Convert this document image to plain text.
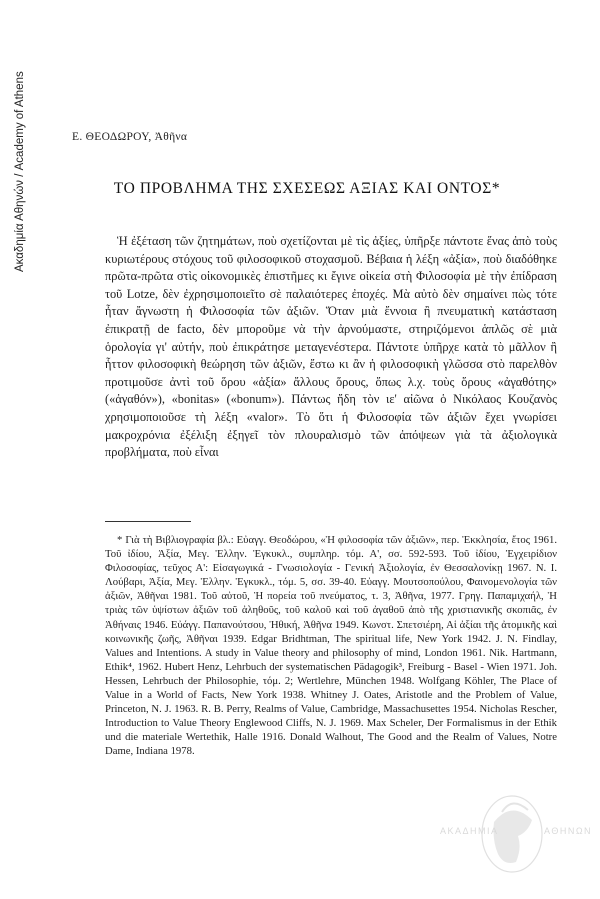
Ακαδημία Αθηνών / Academy of Athens	Ε. ΘΕΟΔΩΡΟΥ, Ἀθῆνα
ΤΟ ΠΡΟΒΛΗΜΑ ΤΗΣ ΣΧΕΣΕΩΣ ΑΞΙΑΣ ΚΑΙ ΟΝΤΟΣ*
Ἡ ἐξέταση τῶν ζητημάτων, ποὺ σχετίζονται μὲ τὶς ἀξίες, ὑπῆρξε πάντοτε ἕνας ἀπὸ τοὺς κυριωτέρους στόχους τοῦ φιλοσοφικοῦ στοχασμοῦ. Βέβαια ἡ λέξη «ἀξία», ποὺ διαδόθηκε πρῶτα-πρῶτα στὶς οἰκονομικὲς ἐπιστῆμες κι ἔγινε οἰκεία στὴ Φιλοσοφία μὲ τὴν ἐπίδραση τοῦ Lotze, δὲν ἐχρησιμοποιεῖτο σὲ παλαιότερες ἐποχές. Μὰ αὐτὸ δὲν σημαίνει πὼς τότε ἦταν ἄγνωστη ἡ Φιλοσοφία τῶν ἀξιῶν. Ὅταν μιὰ ἔννοια ἢ πνευματικὴ κατάσταση ἐπικρατῇ de facto, δὲν μποροῦμε νὰ τὴν ἀρνούμαστε, στηριζόμενοι ἁπλῶς σὲ μιὰ ὁρολογία γι' αὐτήν, ποὺ ἐπικράτησε μεταγενέστερα. Πάντοτε ὑπῆρχε κατὰ τὸ μᾶλλον ἢ ἧττον φιλοσοφικὴ θεώρηση τῶν ἀξιῶν, ἔστω κι ἂν ἡ φιλοσοφικὴ γλῶσσα στὸ παρελθὸν προτιμοῦσε ἀντὶ τοῦ ὅρου «ἀξία» ἄλλους ὅρους, ὅπως λ.χ. τοὺς ὅρους «ἀγαθότης» («ἀγαθόν»), «bonitas» («bonum»). Πάντως ἤδη τὸν ιε' αἰῶνα ὁ Νικόλαος Κουζανὸς χρησιμοποιοῦσε τὴ λέξη «valor». Τὸ ὅτι ἡ Φιλοσοφία τῶν ἀξιῶν ἔχει γνωρίσει μακροχρόνια ἐξέλιξη ἐξηγεῖ τὸν πλουραλισμὸ τῶν ἀπόψεων γιὰ τὰ ἀξιολογικὰ προβλήματα, ποὺ εἶναι
* Γιὰ τὴ Βιβλιογραφία βλ.: Εὐαγγ. Θεοδώρου, «Ἡ φιλοσοφία τῶν ἀξιῶν», περ. Ἐκκλησία, ἔτος 1961. Τοῦ ἰδίου, Ἀξία, Μεγ. Ἑλλην. Ἐγκυκλ., συμπληρ. τόμ. Α', σσ. 592-593. Τοῦ ἰδίου, Ἐγχειρίδιον Φιλοσοφίας, τεῦχος Α': Εἰσαγωγικά - Γνωσιολογία - Γενική Ἀξιολογία, ἐν Θεσσαλονίκῃ 1967. Ν. Ι. Λούβαρι, Ἀξία, Μεγ. Ἑλλην. Ἐγκυκλ., τόμ. 5, σσ. 39-40. Εὐαγγ. Μουτσοπούλου, Φαινομενολογία τῶν ἀξιῶν, Ἀθῆναι 1981. Τοῦ αὐτοῦ, Ἡ πορεία τοῦ πνεύματος, τ. 3, Ἀθῆνα, 1977. Γρηγ. Παπαμιχαήλ, Ἡ τριὰς τῶν ὑψίστων ἀξιῶν τοῦ ἀληθοῦς, τοῦ καλοῦ καὶ τοῦ ἀγαθοῦ ἀπὸ τῆς χριστιανικῆς σκοπιᾶς, ἐν Ἀθήναις 1946. Εὐάγγ. Παπανούτσου, Ἠθική, Ἀθῆνα 1949. Κωνστ. Σπετσιέρη, Αἱ ἀξίαι τῆς ἀτομικῆς καὶ κοινωνικῆς ζωῆς, Ἀθῆναι 1939. Edgar Bridhtman, The spiritual life, New York 1942. J. N. Findlay, Values and Intentions. A study in Value theory and philosophy of mind, London 1961. Nik. Hartmann, Ethik⁴, 1962. Hubert Henz, Lehrbuch der systematischen Pädagogik³, Freiburg - Basel - Wien 1971. Joh. Hessen, Lehrbuch der Philosophie, τόμ. 2; Wertlehre, München 1948. Wolfgang Köhler, The Place of Value in a World of Facts, New York 1938. Whitney J. Oates, Aristotle and the Problem of Value, Princeton, N. J. 1963. R. B. Perry, Realms of Value, Cambridge, Massachusettes 1954. Nicholas Rescher, Introduction to Value Theory Englewood Cliffs, N. J. 1969. Max Scheler, Der Formalismus in der Ethik und die materiale Wertethik, Halle 1916. Donald Walhout, The Good and the Realm of Values, Notre Dame, Indiana 1978.
ΑΚΑΔΗΜΙΑ	ΑΘΗΝΩΝ
